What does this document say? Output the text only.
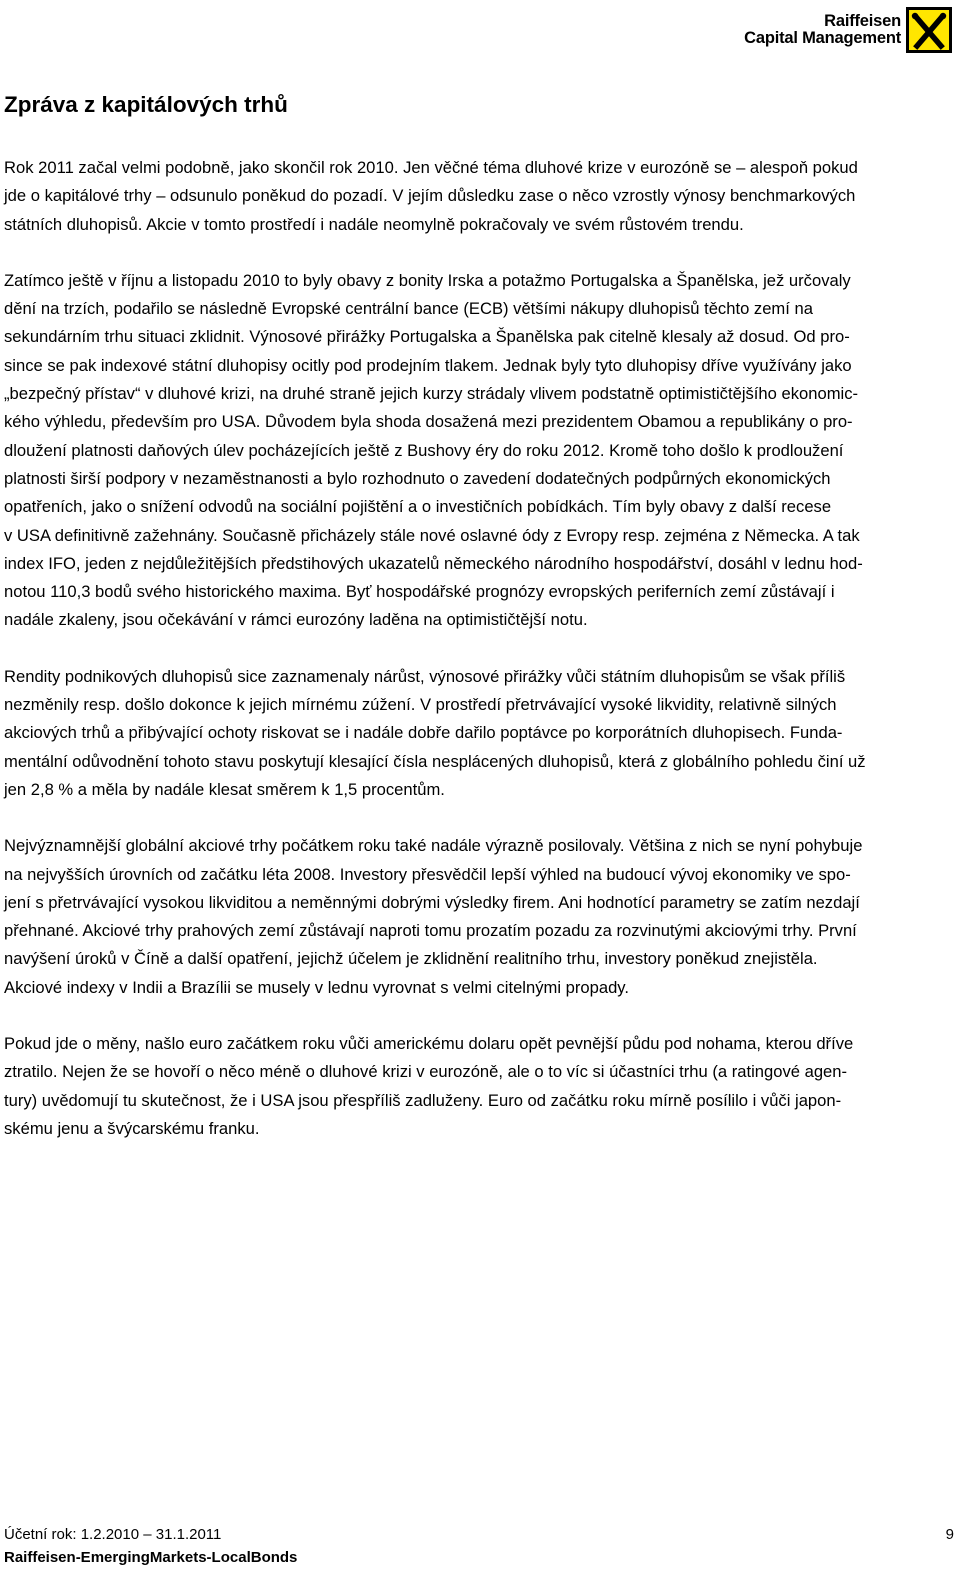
Raiffeisen
Capital Management
Zpráva z kapitálových trhů

Rok 2011 začal velmi podobně, jako skončil rok 2010. Jen věčné téma dluhové krize v eurozóně se – alespoň pokud
jde o kapitálové trhy – odsunulo poněkud do pozadí. V jejím důsledku zase o něco vzrostly výnosy benchmarkových
státních dluhopisů. Akcie v tomto prostředí i nadále neomylně pokračovaly ve svém růstovém trendu.

Zatímco ještě v říjnu a listopadu 2010 to byly obavy z bonity Irska a potažmo Portugalska a Španělska, jež určovaly
dění na trzích, podařilo se následně Evropské centrální bance (ECB) většími nákupy dluhopisů těchto zemí na
sekundárním trhu situaci zklidnit. Výnosové přirážky Portugalska a Španělska pak citelně klesaly až dosud. Od pro-
since se pak indexové státní dluhopisy ocitly pod prodejním tlakem. Jednak byly tyto dluhopisy dříve využívány jako
„bezpečný přístav“ v dluhové krizi, na druhé straně jejich kurzy strádaly vlivem podstatně optimističtějšího ekonomic-
kého výhledu, především pro USA. Důvodem byla shoda dosažená mezi prezidentem Obamou a republikány o pro-
dloužení platnosti daňových úlev pocházejících ještě z Bushovy éry do roku 2012. Kromě toho došlo k prodloužení
platnosti širší podpory v nezaměstnanosti a bylo rozhodnuto o zavedení dodatečných podpůrných ekonomických
opatřeních, jako o snížení odvodů na sociální pojištění a o investičních pobídkách. Tím byly obavy z další recese
v USA definitivně zažehnány. Současně přicházely stále nové oslavné ódy z Evropy resp. zejména z Německa. A tak
index IFO, jeden z nejdůležitějších předstihových ukazatelů německého národního hospodářství, dosáhl v lednu hod-
notou 110,3 bodů svého historického maxima. Byť hospodářské prognózy evropských periferních zemí zůstávají i
nadále zkaleny, jsou očekávání v rámci eurozóny laděna na optimističtější notu.

Rendity podnikových dluhopisů sice zaznamenaly nárůst, výnosové přirážky vůči státním dluhopisům se však příliš
nezměnily resp. došlo dokonce k jejich mírnému zúžení. V prostředí přetrvávající vysoké likvidity, relativně silných
akciových trhů a přibývající ochoty riskovat se i nadále dobře dařilo poptávce po korporátních dluhopisech. Funda-
mentální odůvodnění tohoto stavu poskytují klesající čísla nesplácených dluhopisů, která z globálního pohledu činí už
jen 2,8 % a měla by nadále klesat směrem k 1,5 procentům.

Nejvýznamnější globální akciové trhy počátkem roku také nadále výrazně posilovaly. Většina z nich se nyní pohybuje
na nejvyšších úrovních od začátku léta 2008. Investory přesvědčil lepší výhled na budoucí vývoj ekonomiky ve spo-
jení s přetrvávající vysokou likviditou a neměnnými dobrými výsledky firem. Ani hodnotící parametry se zatím nezdají
přehnané. Akciové trhy prahových zemí zůstávají naproti tomu prozatím pozadu za rozvinutými akciovými trhy. První
navýšení úroků v Číně a další opatření, jejichž účelem je zklidnění realitního trhu, investory poněkud znejistěla.
Akciové indexy v Indii a Brazílii se musely v lednu vyrovnat s velmi citelnými propady.

Pokud jde o měny, našlo euro začátkem roku vůči americkému dolaru opět pevnější půdu pod nohama, kterou dříve
ztratilo. Nejen že se hovoří o něco méně o dluhové krizi v eurozóně, ale o to víc si účastníci trhu (a ratingové agen-
tury) uvědomují tu skutečnost, že i USA jsou přespříliš zadluženy. Euro od začátku roku mírně posílilo i vůči japon-
skému jenu a švýcarskému franku.

Účetní rok: 1.2.2010 – 31.1.2011	9
Raiffeisen-EmergingMarkets-LocalBonds
